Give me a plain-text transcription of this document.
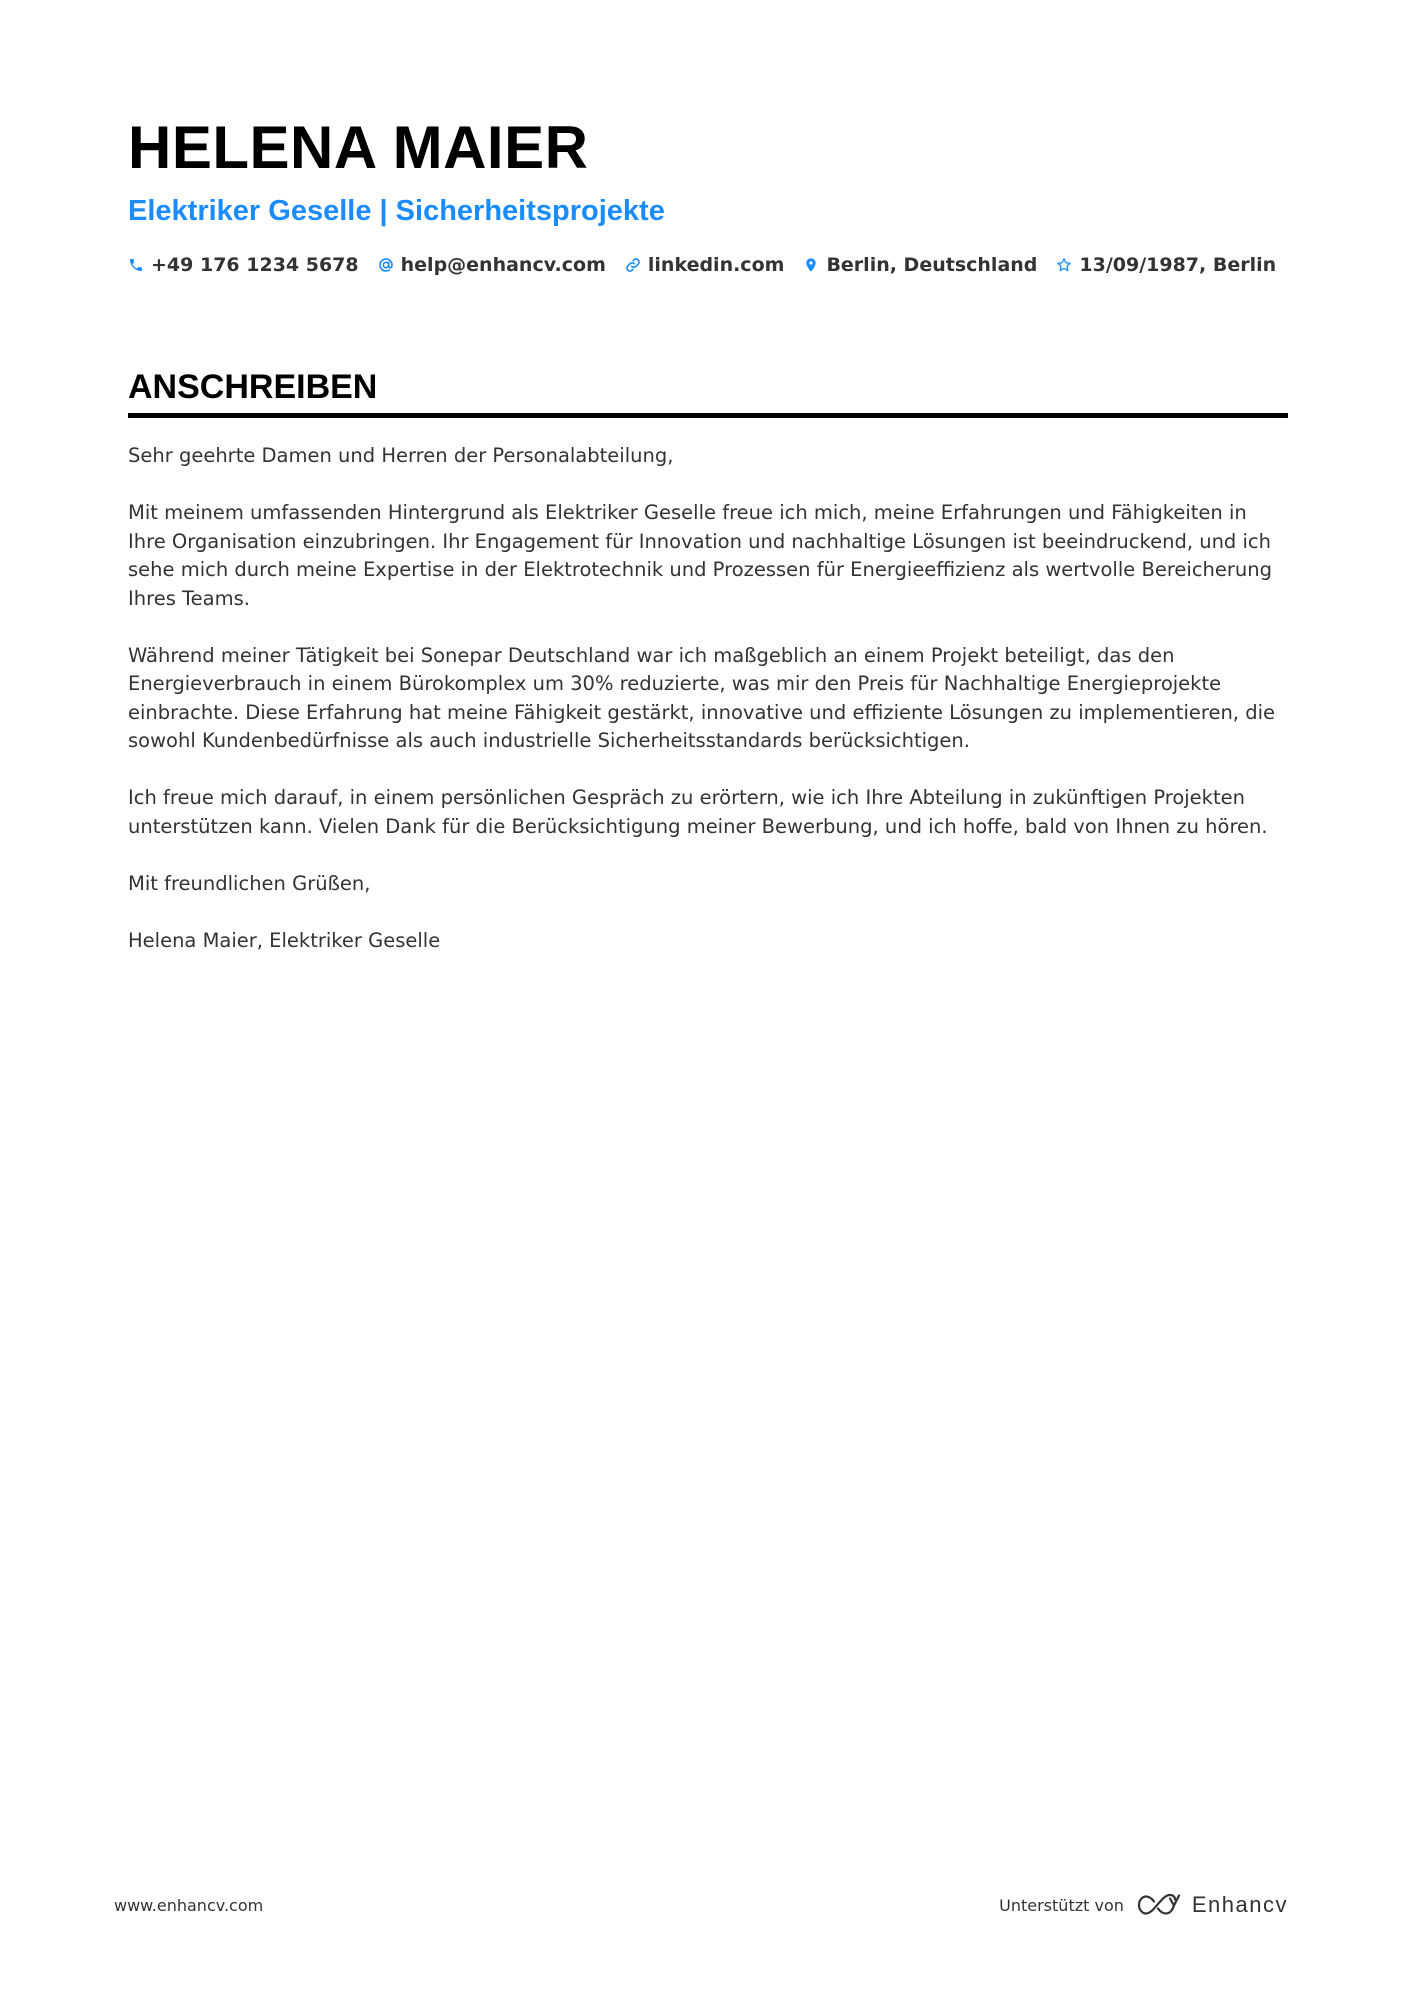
HELENA MAIER
Elektriker Geselle | Sicherheitsprojekte
+49 176 1234 5678 help@enhancv.com linkedin.com Berlin, Deutschland 13/09/1987, Berlin
ANSCHREIBEN

Sehr geehrte Damen und Herren der Personalabteilung,

Mit meinem umfassenden Hintergrund als Elektriker Geselle freue ich mich, meine Erfahrungen und Fähigkeiten in Ihre Organisation einzubringen. Ihr Engagement für Innovation und nachhaltige Lösungen ist beeindruckend, und ich sehe mich durch meine Expertise in der Elektrotechnik und Prozessen für Energieeffizienz als wertvolle Bereicherung Ihres Teams.

Während meiner Tätigkeit bei Sonepar Deutschland war ich maßgeblich an einem Projekt beteiligt, das den Energieverbrauch in einem Bürokomplex um 30% reduzierte, was mir den Preis für Nachhaltige Energieprojekte einbrachte. Diese Erfahrung hat meine Fähigkeit gestärkt, innovative und effiziente Lösungen zu implementieren, die sowohl Kundenbedürfnisse als auch industrielle Sicherheitsstandards berücksichtigen.

Ich freue mich darauf, in einem persönlichen Gespräch zu erörtern, wie ich Ihre Abteilung in zukünftigen Projekten unterstützen kann. Vielen Dank für die Berücksichtigung meiner Bewerbung, und ich hoffe, bald von Ihnen zu hören.

Mit freundlichen Grüßen,

Helena Maier, Elektriker Geselle

www.enhancv.com	Unterstützt von	Enhancv
